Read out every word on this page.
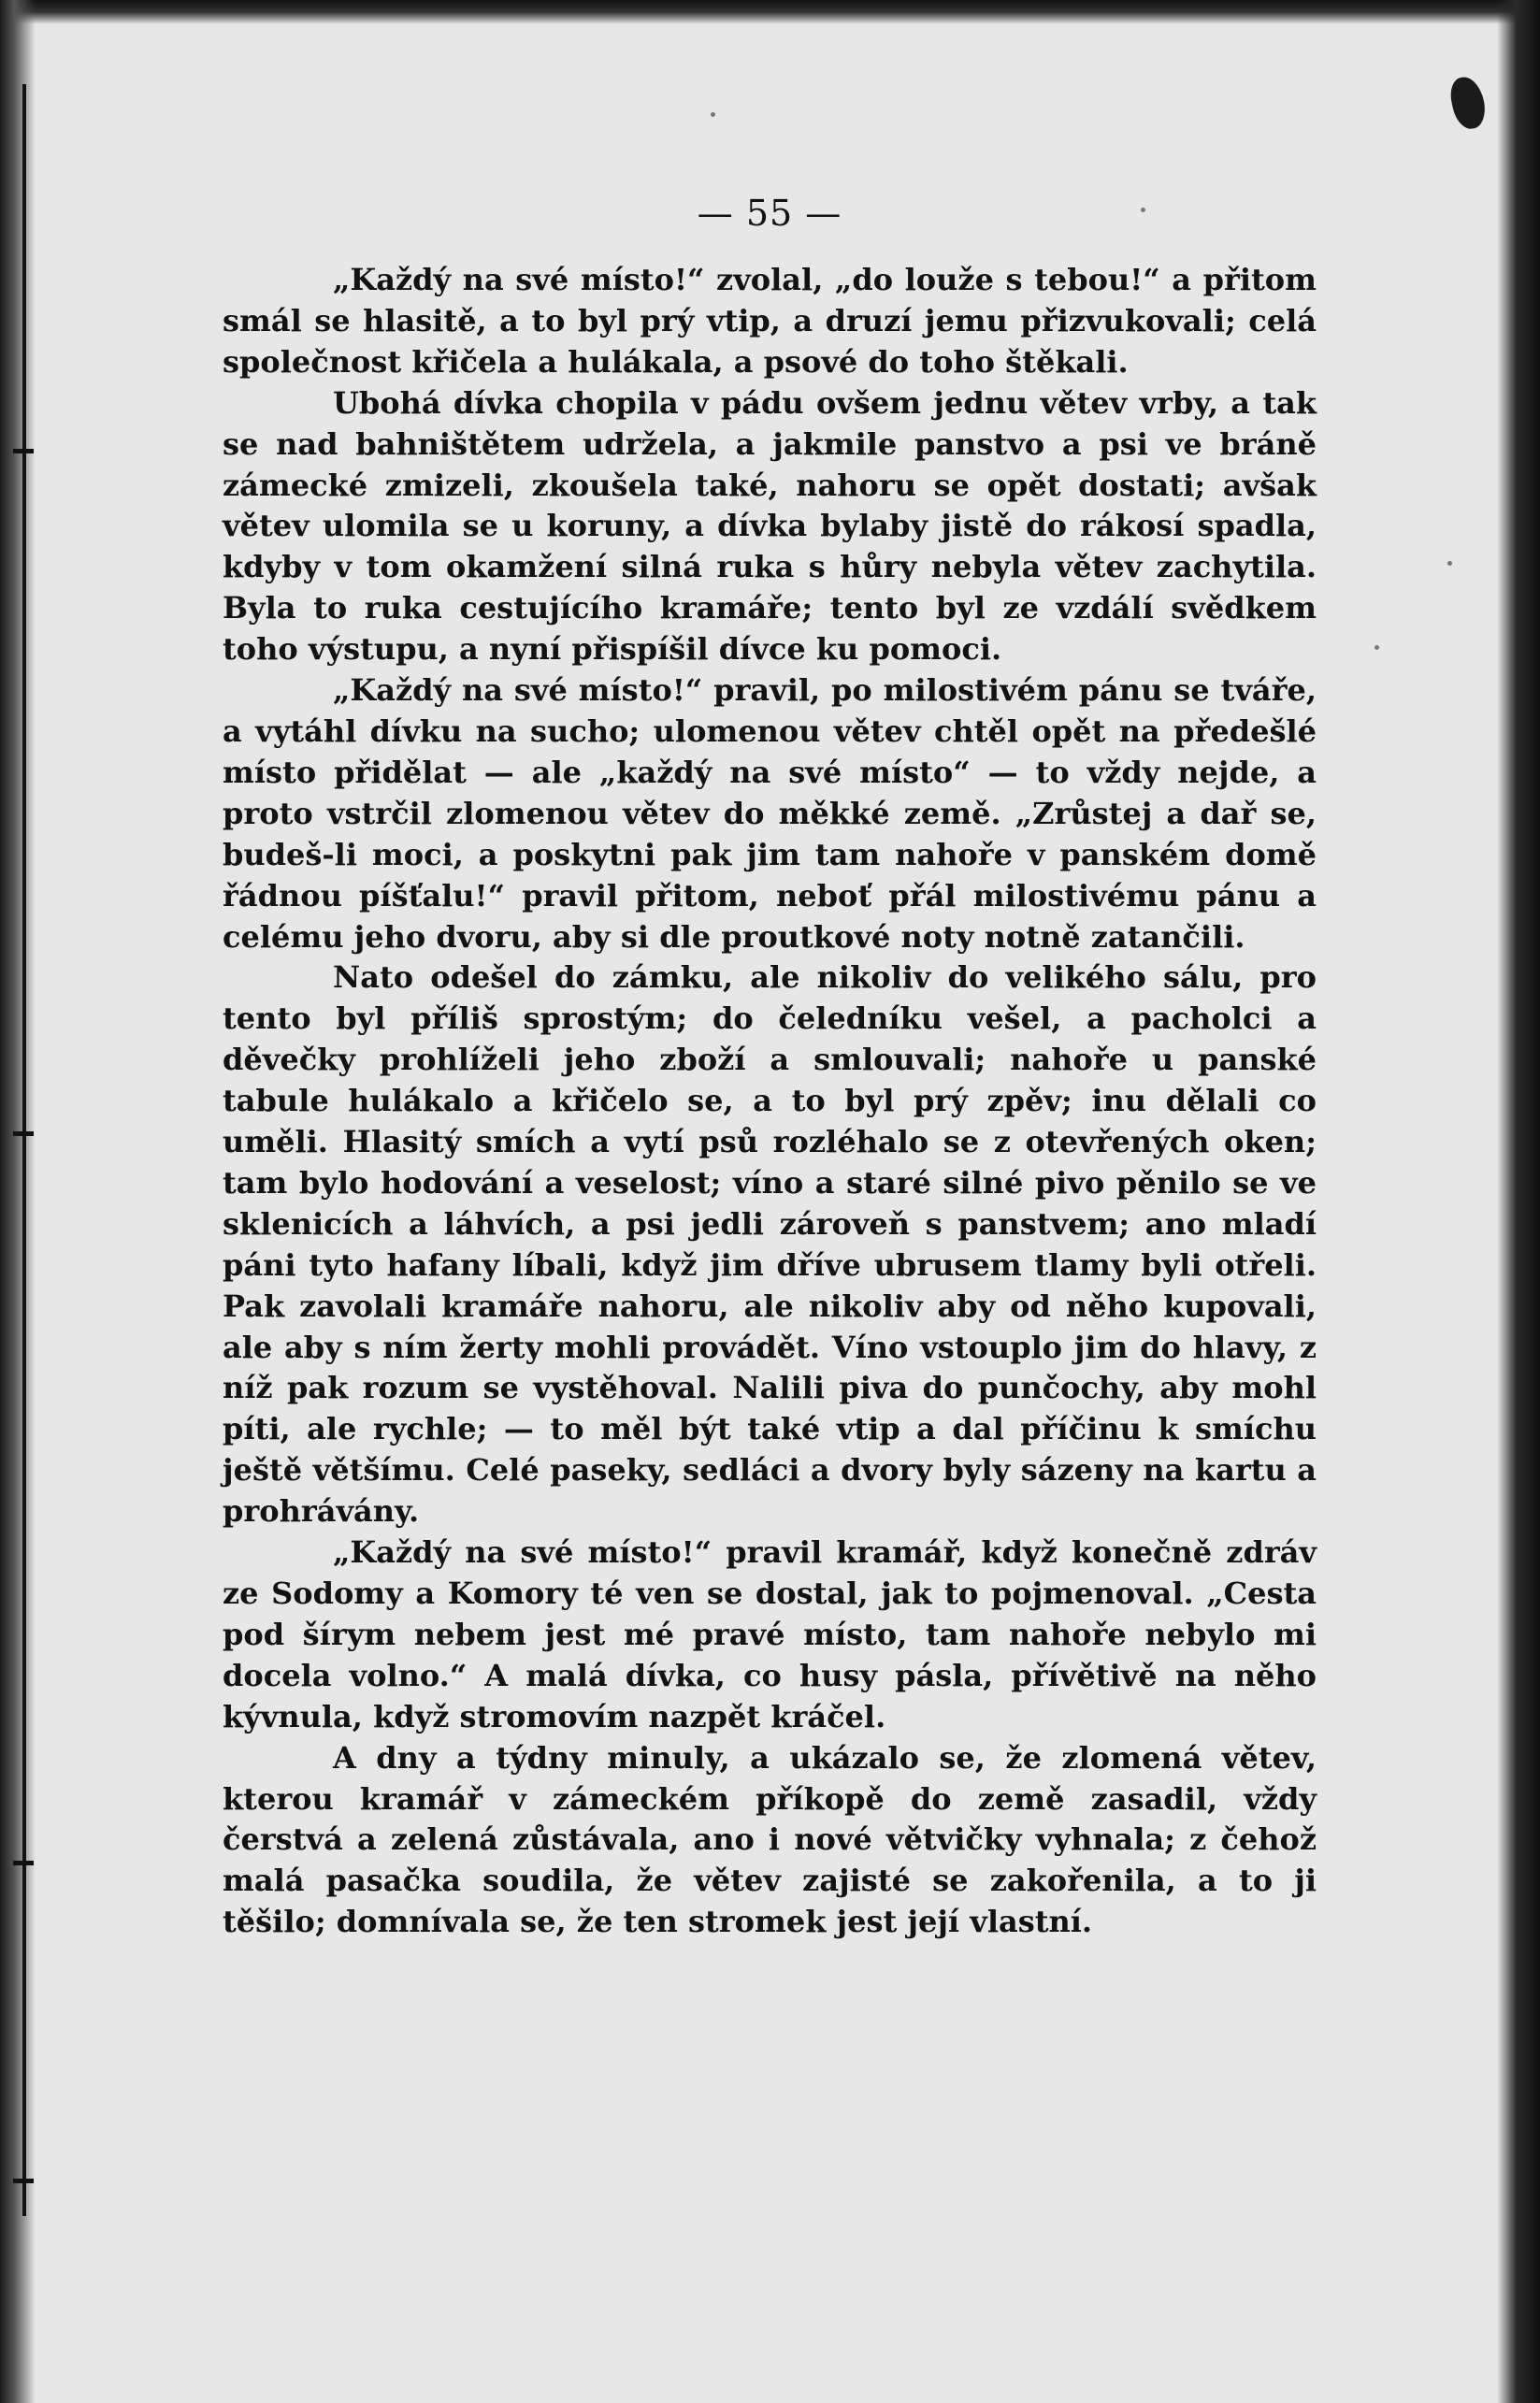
— 55 —

„Každý na své místo!“ zvolal, „do louže s tebou!“ a přitom smál se hlasitě, a to byl prý vtip, a druzí jemu přizvukovali; celá společnost křičela a hulákala, a psové do toho štěkali.

Ubohá dívka chopila v pádu ovšem jednu větev vrby, a tak se nad bahništětem udržela, a jakmile panstvo a psi ve bráně zámecké zmizeli, zkoušela také, nahoru se opět dostati; avšak větev ulomila se u koruny, a dívka bylaby jistě do rákosí spadla, kdyby v tom okamžení silná ruka s hůry nebyla větev zachytila. Byla to ruka cestujícího kramáře; tento byl ze vzdálí svědkem toho výstupu, a nyní přispíšil dívce ku pomoci.

„Každý na své místo!“ pravil, po milostivém pánu se tváře, a vytáhl dívku na sucho; ulomenou větev chtěl opět na předešlé místo přidělat — ale „každý na své místo“ — to vždy nejde, a proto vstrčil zlomenou větev do měkké země. „Zrůstej a dař se, budeš-li moci, a poskytni pak jim tam nahoře v panském domě řádnou píšťalu!“ pravil přitom, neboť přál milostivému pánu a celému jeho dvoru, aby si dle proutkové noty notně zatančili.

Nato odešel do zámku, ale nikoliv do velikého sálu, pro tento byl příliš sprostým; do čeledníku vešel, a pacholci a děvečky prohlíželi jeho zboží a smlouvali; nahoře u panské tabule hulákalo a křičelo se, a to byl prý zpěv; inu dělali co uměli. Hlasitý smích a vytí psů rozléhalo se z otevřených oken; tam bylo hodování a veselost; víno a staré silné pivo pěnilo se ve sklenicích a láhvích, a psi jedli zároveň s panstvem; ano mladí páni tyto hafany líbali, když jim dříve ubrusem tlamy byli otřeli. Pak zavolali kramáře nahoru, ale nikoliv aby od něho kupovali, ale aby s ním žerty mohli provádět. Víno vstouplo jim do hlavy, z níž pak rozum se vystěhoval. Nalili piva do punčochy, aby mohl píti, ale rychle; — to měl být také vtip a dal příčinu k smíchu ještě většímu. Celé paseky, sedláci a dvory byly sázeny na kartu a prohrávány.

„Každý na své místo!“ pravil kramář, když konečně zdráv ze Sodomy a Komory té ven se dostal, jak to pojmenoval. „Cesta pod šírym nebem jest mé pravé místo, tam nahoře nebylo mi docela volno.“ A malá dívka, co husy pásla, přívětivě na něho kývnula, když stromovím nazpět kráčel.

A dny a týdny minuly, a ukázalo se, že zlomená větev, kterou kramář v zámeckém příkopě do země zasadil, vždy čerstvá a zelená zůstávala, ano i nové větvičky vyhnala; z čehož malá pasačka soudila, že větev zajisté se zakořenila, a to ji těšilo; domnívala se, že ten stromek jest její vlastní.
